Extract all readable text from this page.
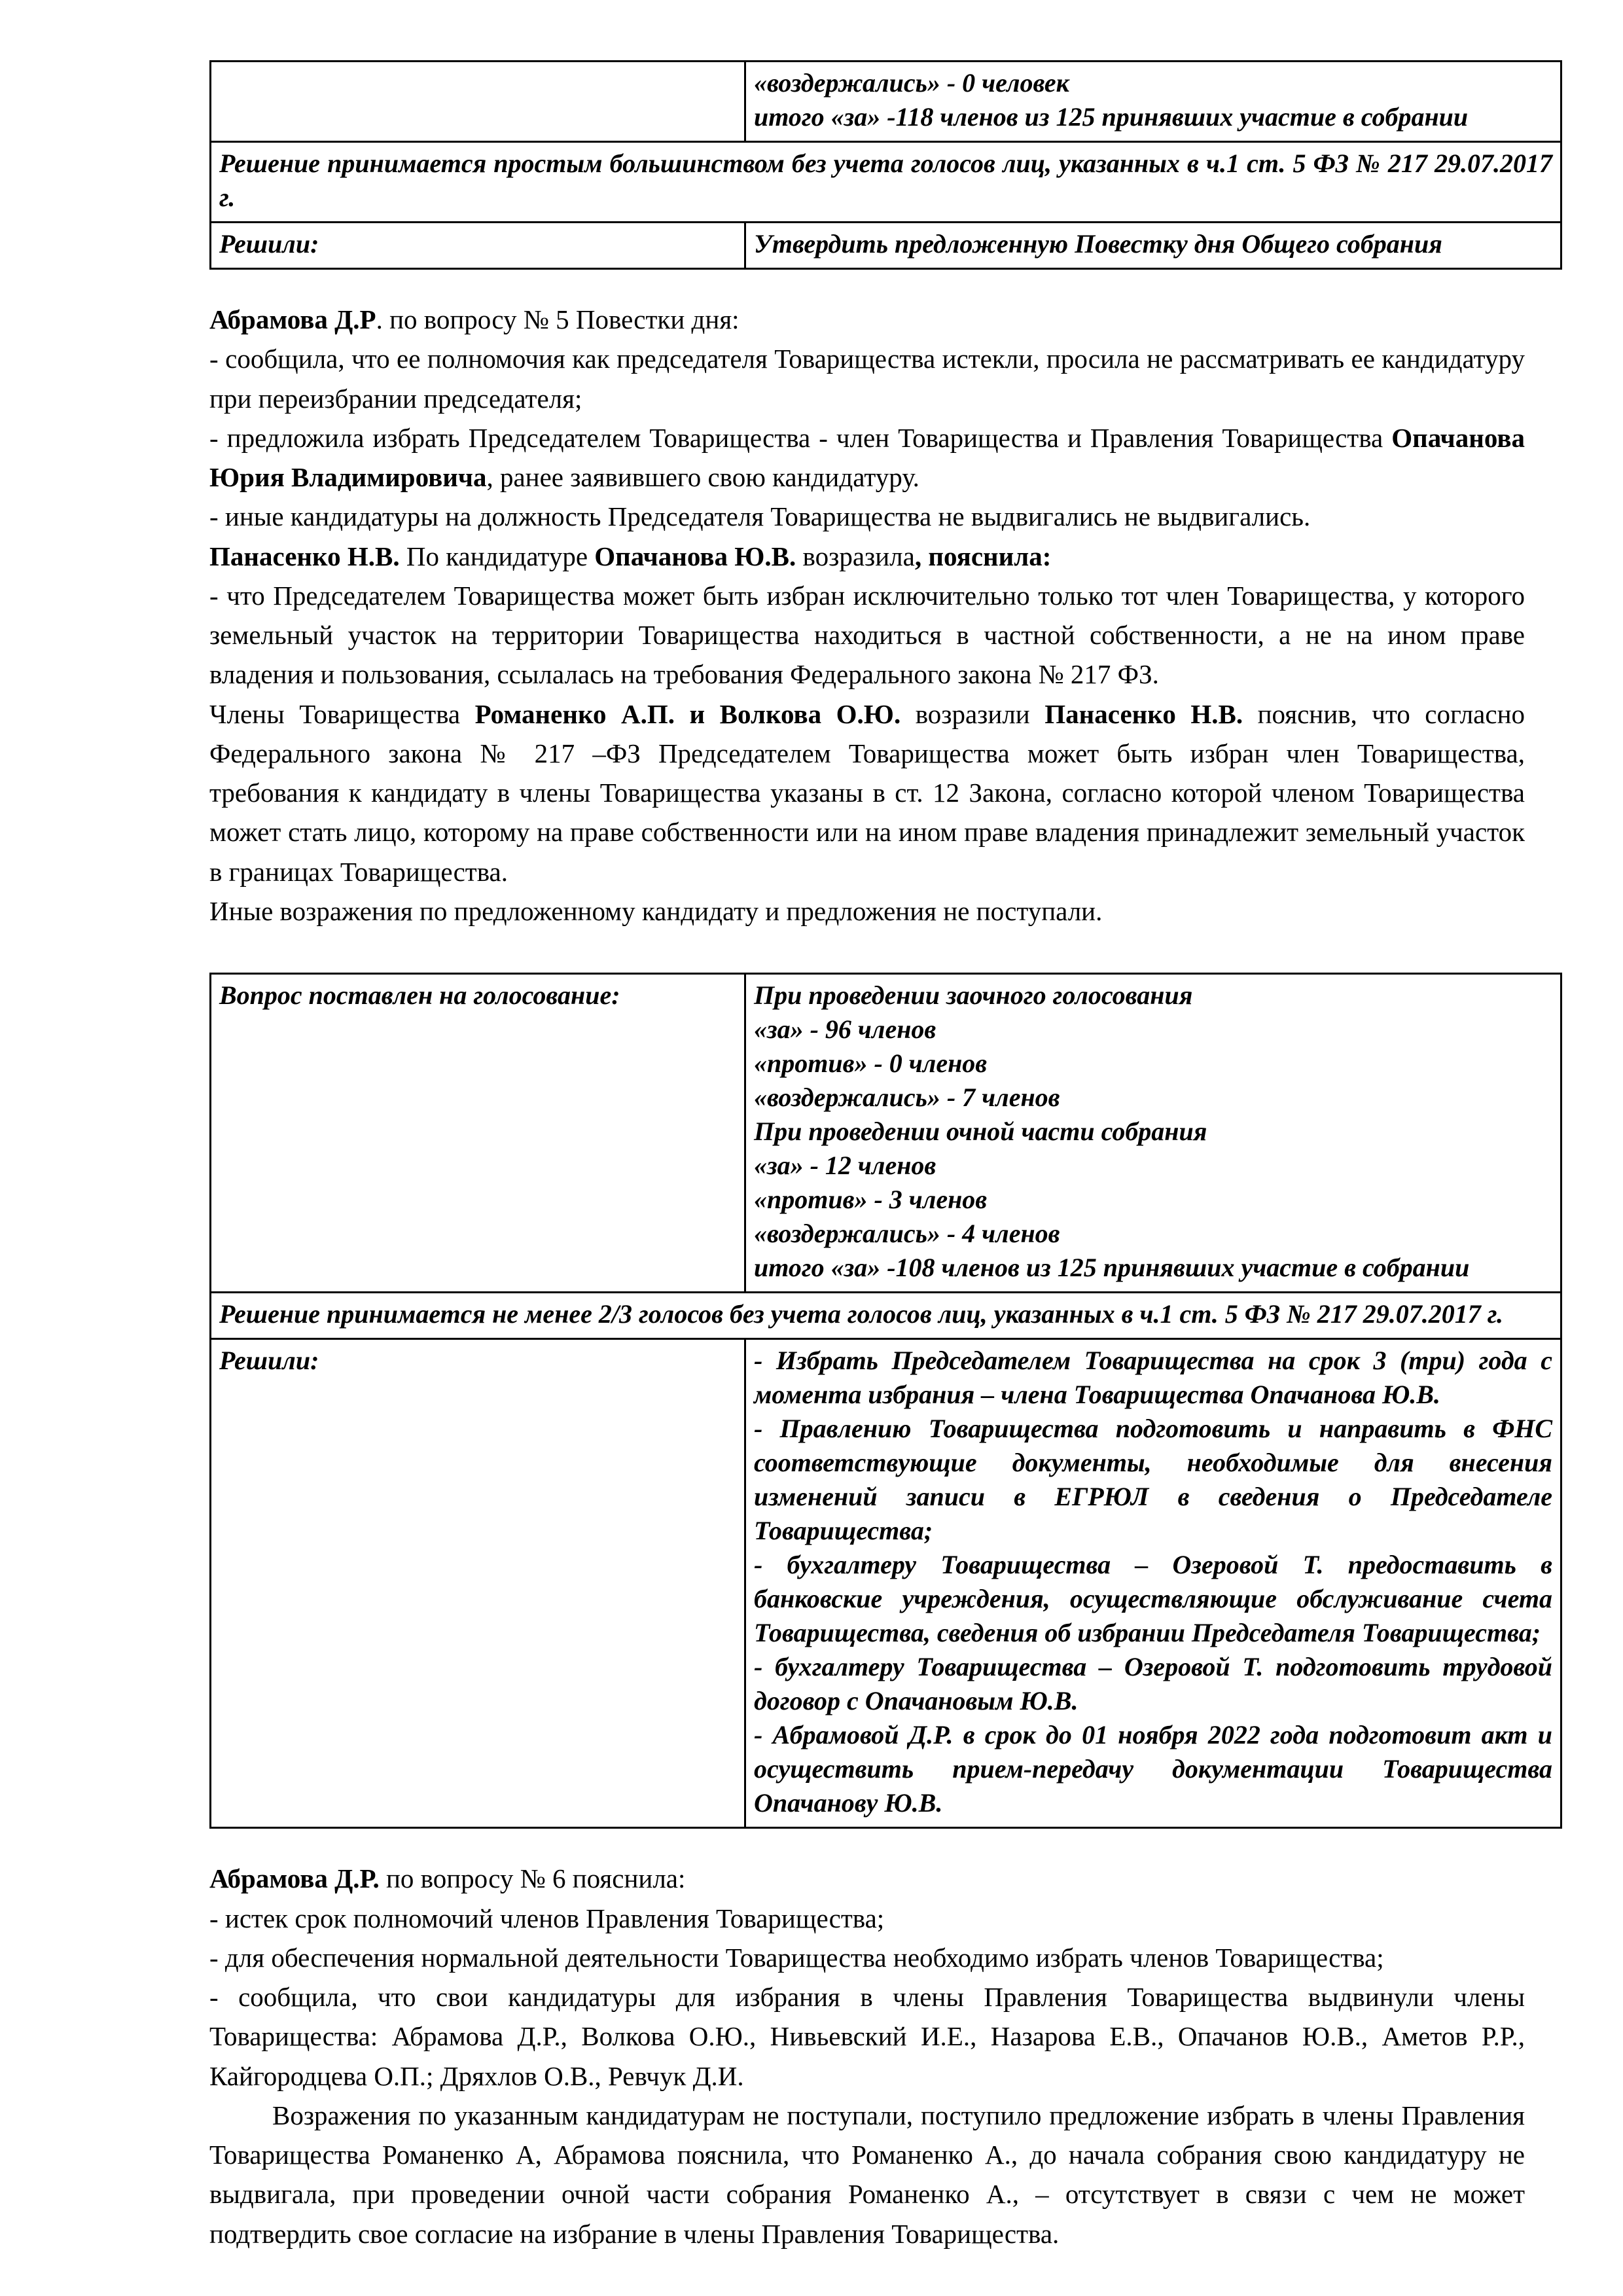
	«воздержались» - 0 человек
итого «за» -118 членов из 125 принявших участие в собрании

Решение принимается простым большинством без учета голосов лиц, указанных в ч.1 ст. 5 ФЗ № 217 29.07.2017 г.	
Решили:	Утвердить предложенную Повестку дня Общего собрания

Абрамова Д.Р. по вопросу № 5 Повестки дня:

- сообщила, что ее полномочия как председателя Товарищества истекли, просила не рассматривать ее кандидатуру при переизбрании председателя;

- предложила избрать Председателем Товарищества - член Товарищества и Правления Товарищества Опачанова Юрия Владимировича, ранее заявившего свою кандидатуру.

- иные кандидатуры на должность Председателя Товарищества не выдвигались не выдвигались.

Панасенко Н.В. По кандидатуре Опачанова Ю.В. возразила, пояснила:

- что Председателем Товарищества может быть избран исключительно только тот член Товарищества, у которого земельный участок на территории Товарищества находиться в частной собственности, а не на ином праве владения и пользования, ссылалась на требования Федерального закона № 217 ФЗ.

Члены Товарищества Романенко А.П. и Волкова О.Ю. возразили Панасенко Н.В. пояснив, что согласно Федерального закона № 217 –ФЗ Председателем Товарищества может быть избран член Товарищества, требования к кандидату в члены Товарищества указаны в ст. 12 Закона, согласно которой членом Товарищества может стать лицо, которому на праве собственности или на ином праве владения принадлежит земельный участок в границах Товарищества.

Иные возражения по предложенному кандидату и предложения не поступали.

Вопрос поставлен на голосование:	При проведении заочного голосования
«за» - 96 членов
«против» - 0 членов
«воздержались» - 7 членов
При проведении очной части собрания
«за» - 12 членов
«против» - 3 членов
«воздержались» - 4 членов
итого «за» -108 членов из 125 принявших участие в собрании

Решение принимается не менее 2/3 голосов без учета голосов лиц, указанных в ч.1 ст. 5 ФЗ № 217 29.07.2017 г.	
Решили:	- Избрать Председателем Товарищества на срок 3 (три) года с момента избрания – члена Товарищества Опачанова Ю.В.
- Правлению Товарищества подготовить и направить в ФНС соответствующие документы, необходимые для внесения изменений записи в ЕГРЮЛ в сведения о Председателе Товарищества;
- бухгалтеру Товарищества – Озеровой Т. предоставить в банковские учреждения, осуществляющие обслуживание счета Товарищества, сведения об избрании Председателя Товарищества;
- бухгалтеру Товарищества – Озеровой Т. подготовить трудовой договор с Опачановым Ю.В.
- Абрамовой Д.Р. в срок до 01 ноября 2022 года подготовит акт и осуществить прием-передачу документации Товарищества Опачанову Ю.В.

Абрамова Д.Р. по вопросу № 6 пояснила:

- истек срок полномочий членов Правления Товарищества;

- для обеспечения нормальной деятельности Товарищества необходимо избрать членов Товарищества;

- сообщила, что свои кандидатуры для избрания в члены Правления Товарищества выдвинули члены Товарищества: Абрамова Д.Р., Волкова О.Ю., Нивьевский И.Е., Назарова Е.В., Опачанов Ю.В., Аметов Р.Р., Кайгородцева О.П.; Дряхлов О.В., Ревчук Д.И.

Возражения по указанным кандидатурам не поступали, поступило предложение избрать в члены Правления Товарищества Романенко А, Абрамова пояснила, что Романенко А., до начала собрания свою кандидатуру не выдвигала, при проведении очной части собрания Романенко А., – отсутствует в связи с чем не может подтвердить свое согласие на избрание в члены Правления Товарищества.
